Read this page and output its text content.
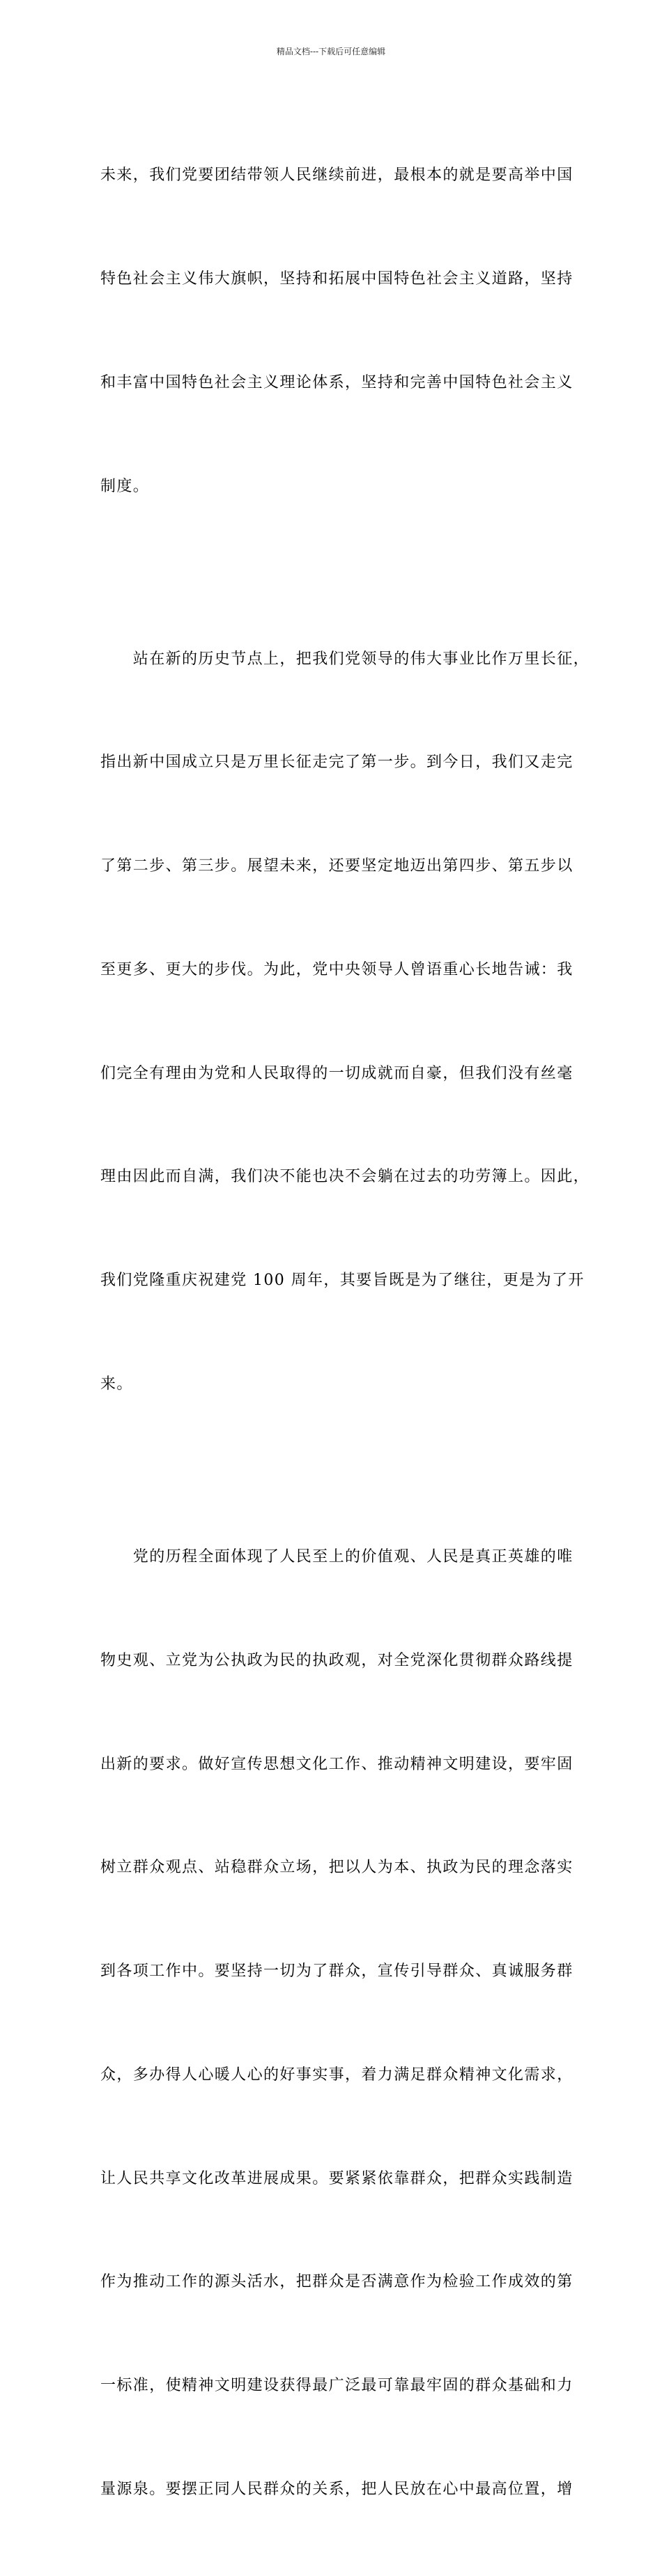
精品文档---下载后可任意编辑

未来，我们党要团结带领人民继续前进，最根本的就是要高举中国

特色社会主义伟大旗帜，坚持和拓展中国特色社会主义道路，坚持

和丰富中国特色社会主义理论体系，坚持和完善中国特色社会主义

制度。

　　站在新的历史节点上，把我们党领导的伟大事业比作万里长征，

指出新中国成立只是万里长征走完了第一步。到今日，我们又走完

了第二步、第三步。展望未来，还要坚定地迈出第四步、第五步以

至更多、更大的步伐。为此，党中央领导人曾语重心长地告诫：我

们完全有理由为党和人民取得的一切成就而自豪，但我们没有丝毫

理由因此而自满，我们决不能也决不会躺在过去的功劳簿上。因此，

我们党隆重庆祝建党 100 周年，其要旨既是为了继往，更是为了开

来。

　　党的历程全面体现了人民至上的价值观、人民是真正英雄的唯

物史观、立党为公执政为民的执政观，对全党深化贯彻群众路线提

出新的要求。做好宣传思想文化工作、推动精神文明建设，要牢固

树立群众观点、站稳群众立场，把以人为本、执政为民的理念落实

到各项工作中。要坚持一切为了群众，宣传引导群众、真诚服务群

众，多办得人心暖人心的好事实事，着力满足群众精神文化需求，

让人民共享文化改革进展成果。要紧紧依靠群众，把群众实践制造

作为推动工作的源头活水，把群众是否满意作为检验工作成效的第

一标准，使精神文明建设获得最广泛最可靠最牢固的群众基础和力

量源泉。要摆正同人民群众的关系，把人民放在心中最高位置，增
